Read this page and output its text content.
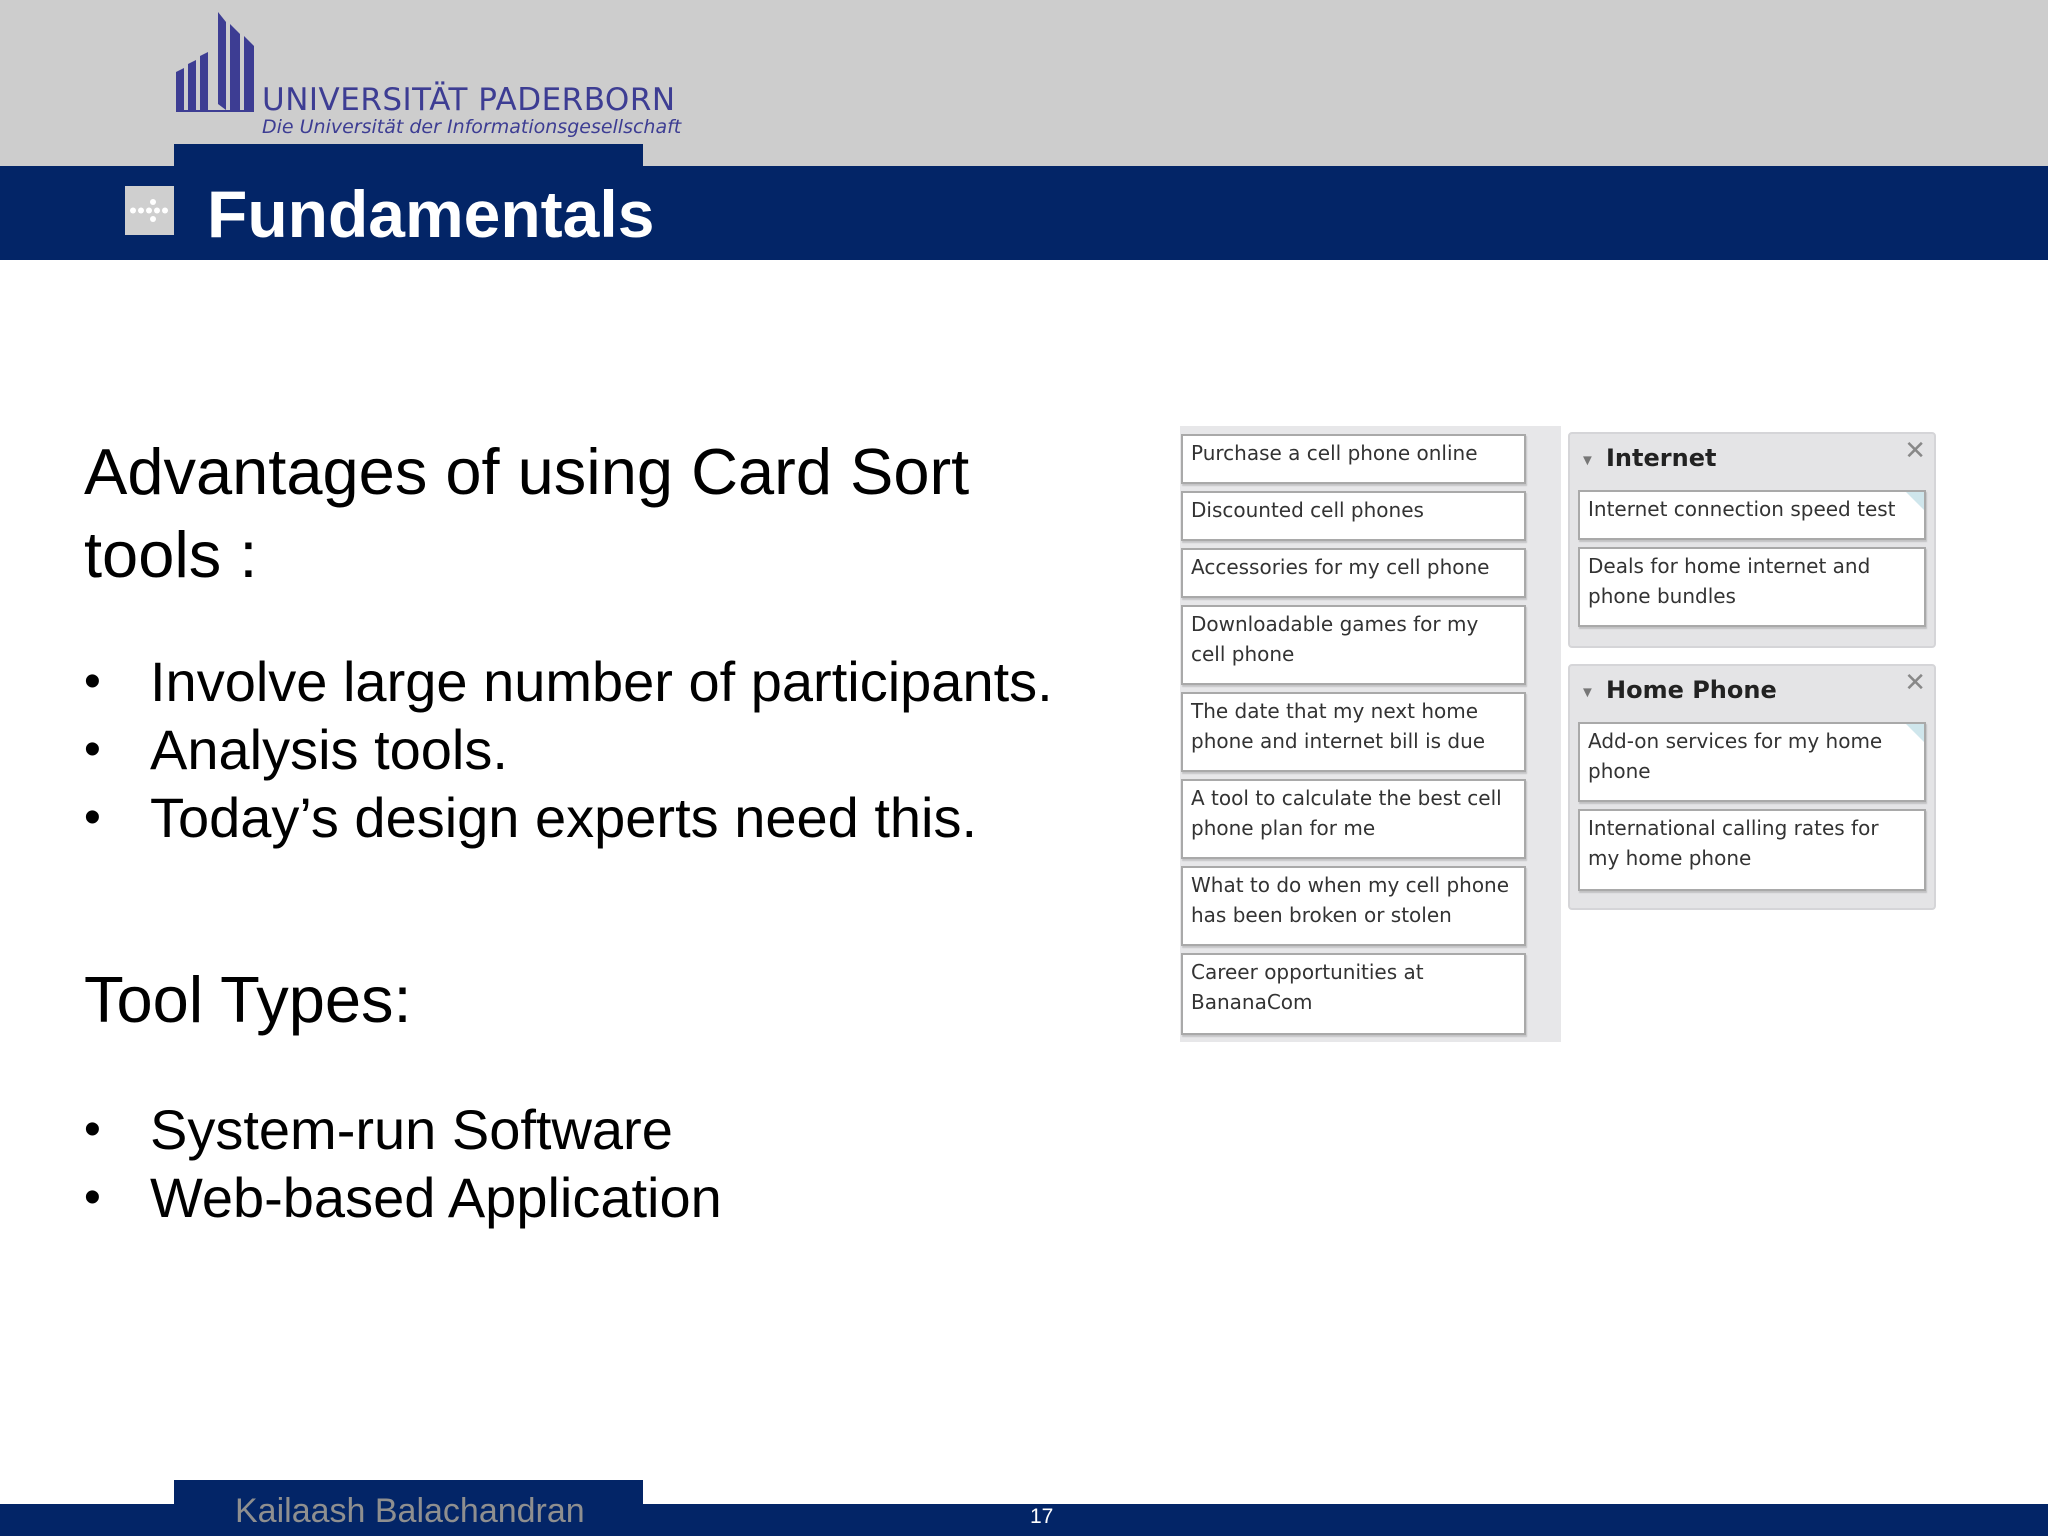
UNIVERSITÄT PADERBORN
Die Universität der Informationsgesellschaft
Fundamentals
Advantages of using Card Sort tools :
• Involve large number of participants.
• Analysis tools.
• Today’s design experts need this.
Tool Types:
• System-run Software
• Web-based Application
Purchase a cell phone online
Discounted cell phones
Accessories for my cell phone
Downloadable games for my cell phone
The date that my next home phone and internet bill is due
A tool to calculate the best cell phone plan for me
What to do when my cell phone has been broken or stolen
Career opportunities at BananaCom
▼ Internet	✕
Internet connection speed test
Deals for home internet and phone bundles
▼ Home Phone	✕
Add-on services for my home phone
International calling rates for my home phone
Kailaash Balachandran	17
